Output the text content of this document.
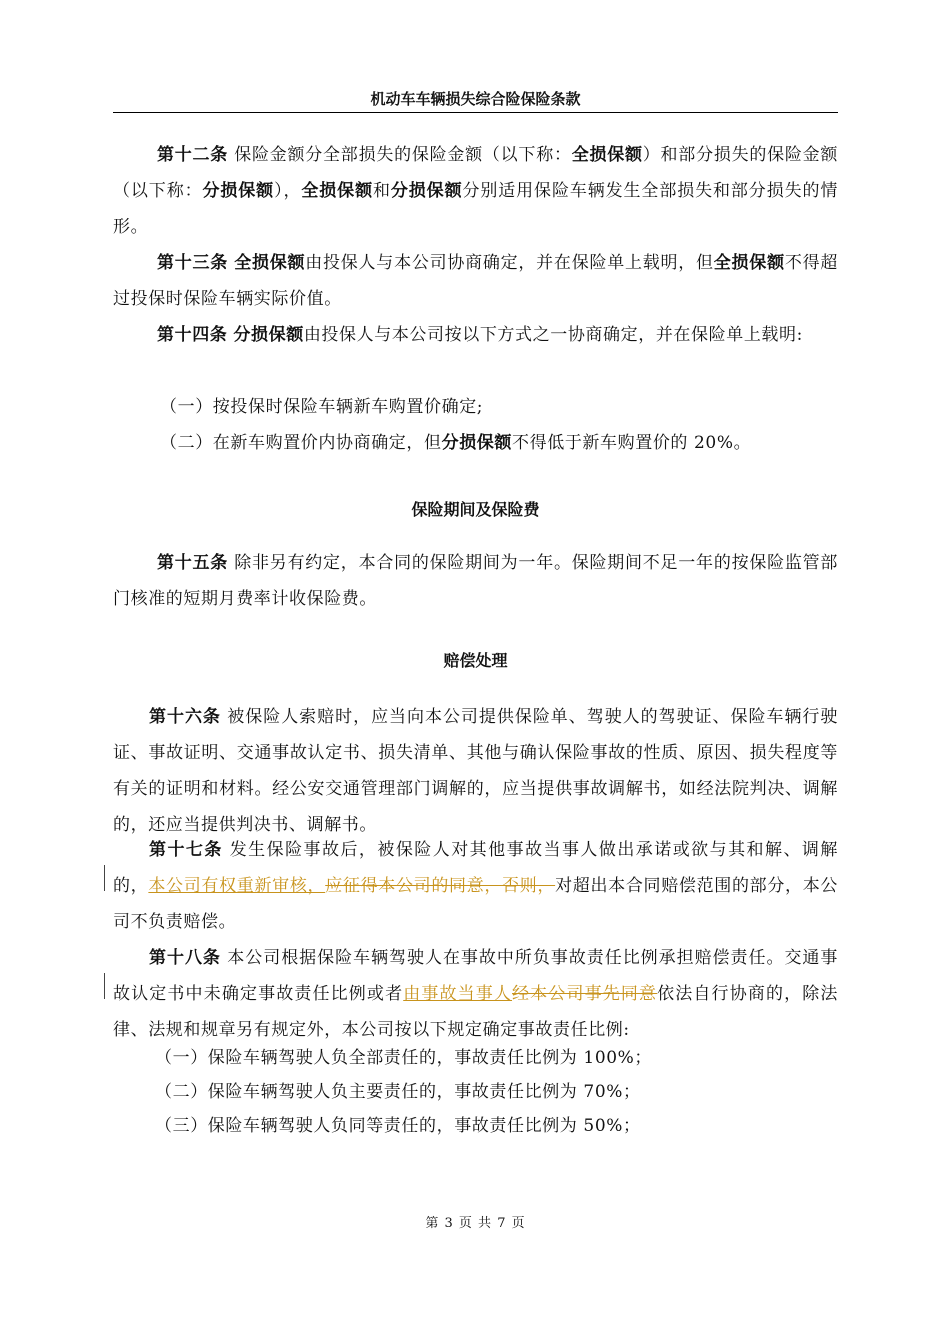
机动车车辆损失综合险保险条款

第十二条 保险金额分全部损失的保险金额（以下称：全损保额）和部分损失的保险金额（以下称：分损保额），全损保额和分损保额分别适用保险车辆发生全部损失和部分损失的情形。

第十三条 全损保额由投保人与本公司协商确定，并在保险单上载明，但全损保额不得超过投保时保险车辆实际价值。

第十四条 分损保额由投保人与本公司按以下方式之一协商确定，并在保险单上载明:

（一）按投保时保险车辆新车购置价确定;
（二）在新车购置价内协商确定，但分损保额不得低于新车购置价的 20%。
保险期间及保险费

第十五条 除非另有约定，本合同的保险期间为一年。保险期间不足一年的按保险监管部门核准的短期月费率计收保险费。

赔偿处理

第十六条 被保险人索赔时，应当向本公司提供保险单、驾驶人的驾驶证、保险车辆行驶证、事故证明、交通事故认定书、损失清单、其他与确认保险事故的性质、原因、损失程度等有关的证明和材料。经公安交通管理部门调解的，应当提供事故调解书，如经法院判决、调解的，还应当提供判决书、调解书。

第十七条 发生保险事故后，被保险人对其他事故当事人做出承诺或欲与其和解、调解的，本公司有权重新审核，应征得本公司的同意，否则，对超出本合同赔偿范围的部分，本公司不负责赔偿。

第十八条 本公司根据保险车辆驾驶人在事故中所负事故责任比例承担赔偿责任。交通事故认定书中未确定事故责任比例或者由事故当事人经本公司事先同意依法自行协商的，除法律、法规和规章另有规定外，本公司按以下规定确定事故责任比例:

（一）保险车辆驾驶人负全部责任的，事故责任比例为 100%；
（二）保险车辆驾驶人负主要责任的，事故责任比例为 70%；
（三）保险车辆驾驶人负同等责任的，事故责任比例为 50%；
第 3 页 共 7 页
